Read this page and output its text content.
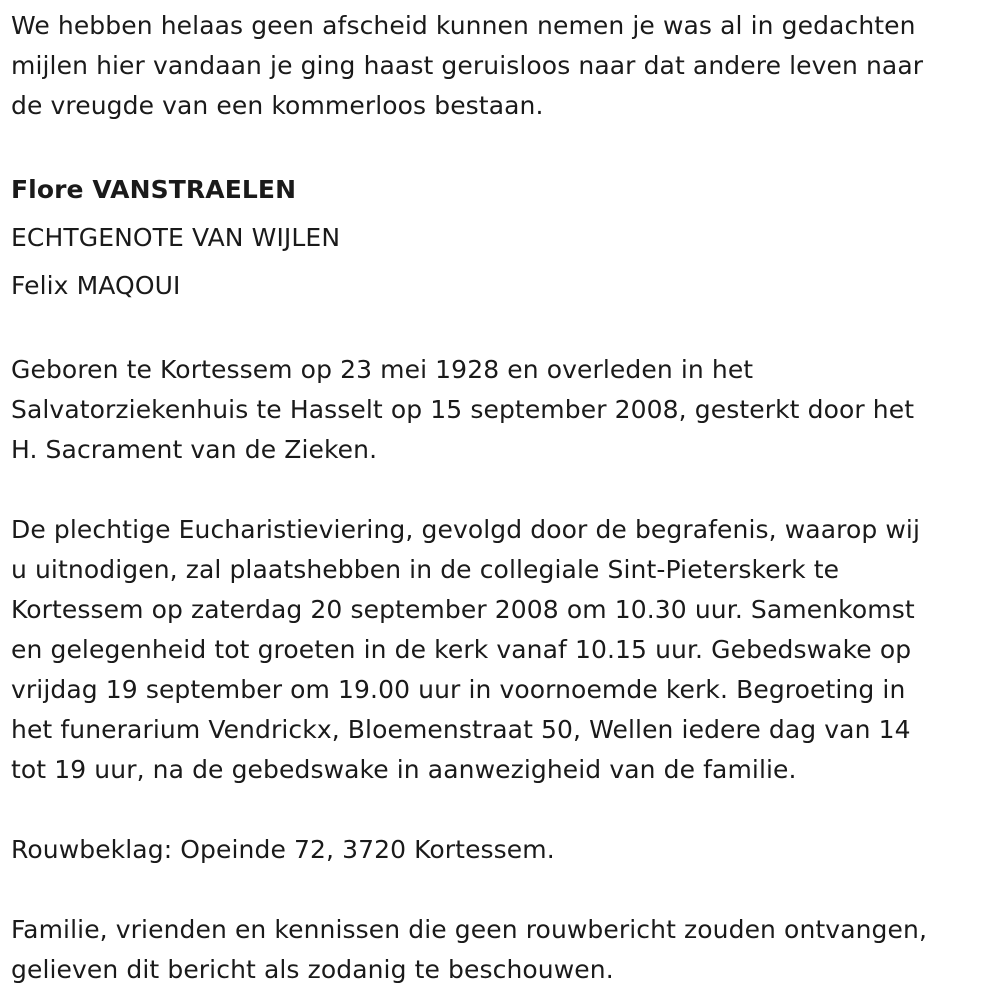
We hebben helaas geen afscheid kunnen nemen je was al in gedachten
mijlen hier vandaan je ging haast geruisloos naar dat andere leven naar
de vreugde van een kommerloos bestaan.
Flore VANSTRAELEN
ECHTGENOTE VAN WIJLEN
Felix MAQOUI
Geboren te Kortessem op 23 mei 1928 en overleden in het
Salvatorziekenhuis te Hasselt op 15 september 2008, gesterkt door het
H. Sacrament van de Zieken.
De plechtige Eucharistieviering, gevolgd door de begrafenis, waarop wij
u uitnodigen, zal plaatshebben in de collegiale Sint-Pieterskerk te
Kortessem op zaterdag 20 september 2008 om 10.30 uur. Samenkomst
en gelegenheid tot groeten in de kerk vanaf 10.15 uur. Gebedswake op
vrijdag 19 september om 19.00 uur in voornoemde kerk. Begroeting in
het funerarium Vendrickx, Bloemenstraat 50, Wellen iedere dag van 14
tot 19 uur, na de gebedswake in aanwezigheid van de familie.
Rouwbeklag: Opeinde 72, 3720 Kortessem.
Familie, vrienden en kennissen die geen rouwbericht zouden ontvangen,
gelieven dit bericht als zodanig te beschouwen.
